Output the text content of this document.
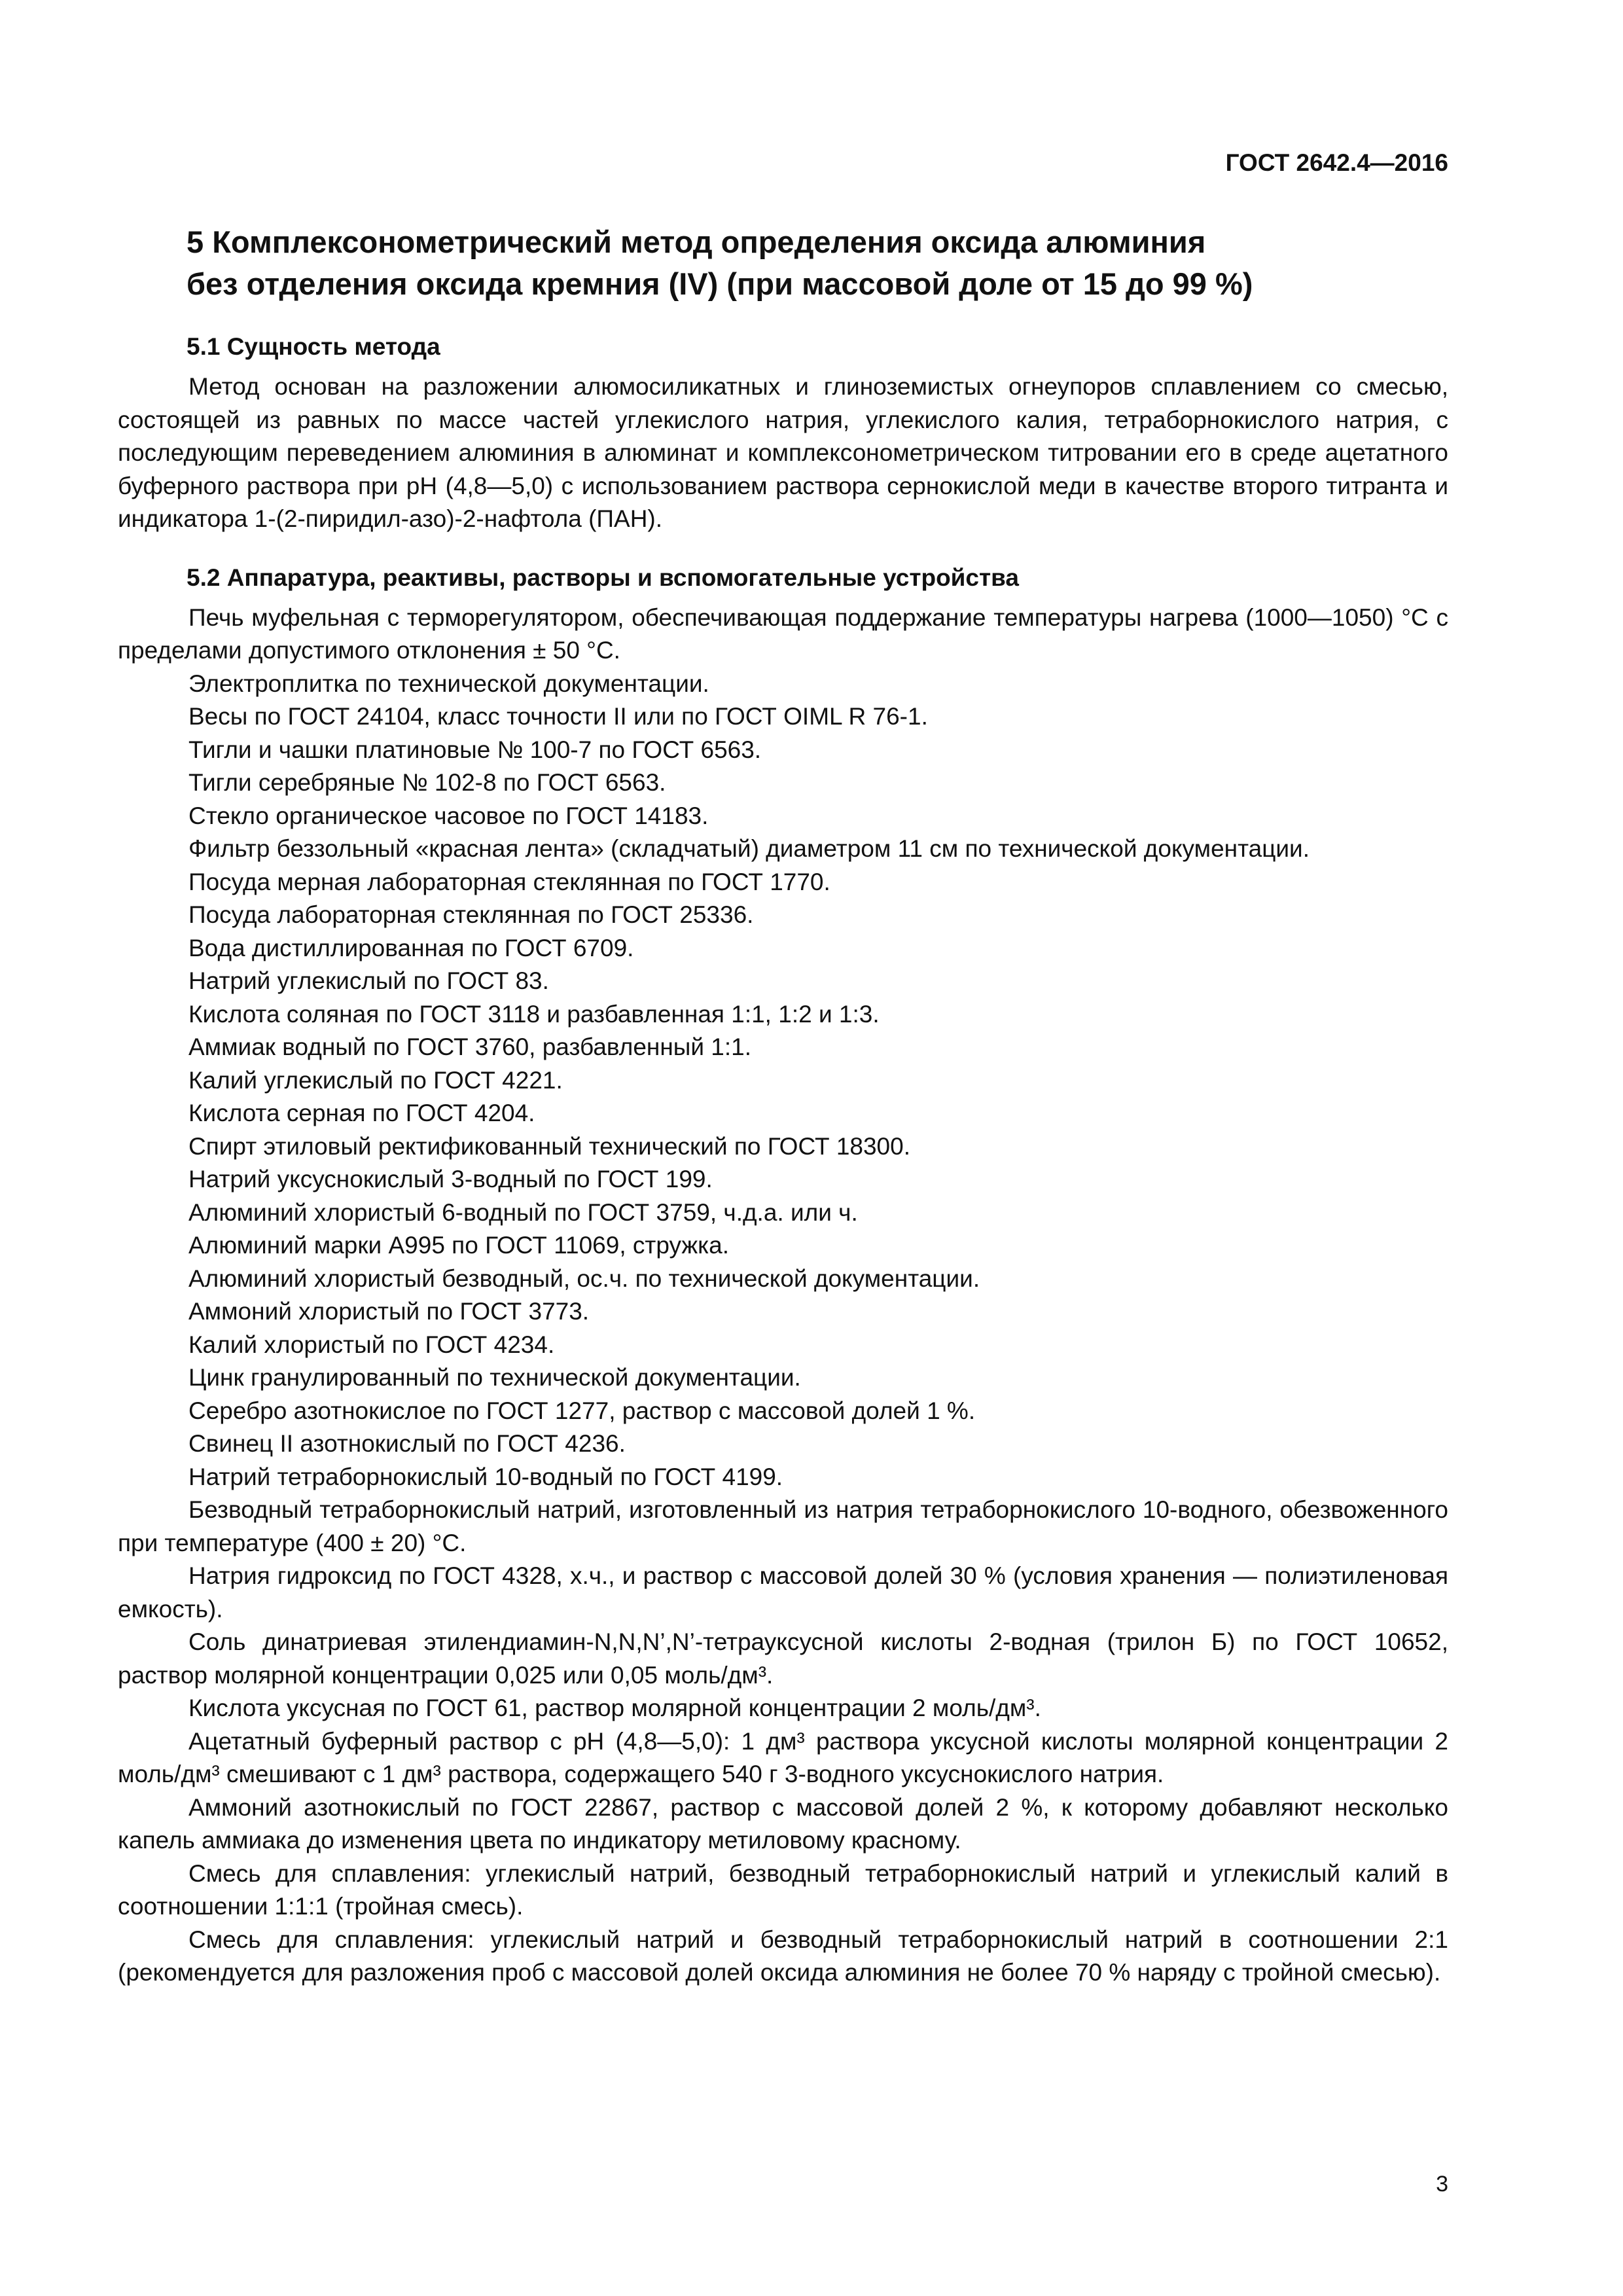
ГОСТ 2642.4—2016
5 Комплексонометрический метод определения оксида алюминия
без отделения оксида кремния (IV) (при массовой доле от 15 до 99 %)
5.1 Сущность метода

Метод основан на разложении алюмосиликатных и глиноземистых огнеупоров сплавлением со смесью, состоящей из равных по массе частей углекислого натрия, углекислого калия, тетраборнокислого натрия, с последующим переведением алюминия в алюминат и комплексонометрическом титровании его в среде ацетатного буферного раствора при pH (4,8—5,0) с использованием раствора сернокислой меди в качестве второго титранта и индикатора 1-(2-пиридил-азо)-2-нафтола (ПАН).

5.2 Аппаратура, реактивы, растворы и вспомогательные устройства

Печь муфельная с терморегулятором, обеспечивающая поддержание температуры нагрева (1000—1050) °С с пределами допустимого отклонения ± 50 °С.

Электроплитка по технической документации.

Весы по ГОСТ 24104, класс точности II или по ГОСТ OIML R 76-1.

Тигли и чашки платиновые № 100-7 по ГОСТ 6563.

Тигли серебряные № 102-8 по ГОСТ 6563.

Стекло органическое часовое по ГОСТ 14183.

Фильтр беззольный «красная лента» (складчатый) диаметром 11 см по технической документации.

Посуда мерная лабораторная стеклянная по ГОСТ 1770.

Посуда лабораторная стеклянная по ГОСТ 25336.

Вода дистиллированная по ГОСТ 6709.

Натрий углекислый по ГОСТ 83.

Кислота соляная по ГОСТ 3118 и разбавленная 1:1, 1:2 и 1:3.

Аммиак водный по ГОСТ 3760, разбавленный 1:1.

Калий углекислый по ГОСТ 4221.

Кислота серная по ГОСТ 4204.

Спирт этиловый ректификованный технический по ГОСТ 18300.

Натрий уксуснокислый 3-водный по ГОСТ 199.

Алюминий хлористый 6-водный по ГОСТ 3759, ч.д.а. или ч.

Алюминий марки А995 по ГОСТ 11069, стружка.

Алюминий хлористый безводный, ос.ч. по технической документации.

Аммоний хлористый по ГОСТ 3773.

Калий хлористый по ГОСТ 4234.

Цинк гранулированный по технической документации.

Серебро азотнокислое по ГОСТ 1277, раствор с массовой долей 1 %.

Свинец II азотнокислый по ГОСТ 4236.

Натрий тетраборнокислый 10-водный по ГОСТ 4199.

Безводный тетраборнокислый натрий, изготовленный из натрия тетраборнокислого 10-водного, обезвоженного при температуре (400 ± 20) °С.

Натрия гидроксид по ГОСТ 4328, х.ч., и раствор с массовой долей 30 % (условия хранения — полиэтиленовая емкость).

Соль динатриевая этилендиамин-N,N,N’,N’-тетрауксусной кислоты 2-водная (трилон Б) по ГОСТ 10652, раствор молярной концентрации 0,025 или 0,05 моль/дм³.

Кислота уксусная по ГОСТ 61, раствор молярной концентрации 2 моль/дм³.

Ацетатный буферный раствор с pH (4,8—5,0): 1 дм³ раствора уксусной кислоты молярной концентрации 2 моль/дм³ смешивают с 1 дм³ раствора, содержащего 540 г 3-водного уксуснокислого натрия.

Аммоний азотнокислый по ГОСТ 22867, раствор с массовой долей 2 %, к которому добавляют несколько капель аммиака до изменения цвета по индикатору метиловому красному.

Смесь для сплавления: углекислый натрий, безводный тетраборнокислый натрий и углекислый калий в соотношении 1:1:1 (тройная смесь).

Смесь для сплавления: углекислый натрий и безводный тетраборнокислый натрий в соотношении 2:1 (рекомендуется для разложения проб с массовой долей оксида алюминия не более 70 % наряду с тройной смесью).

3
